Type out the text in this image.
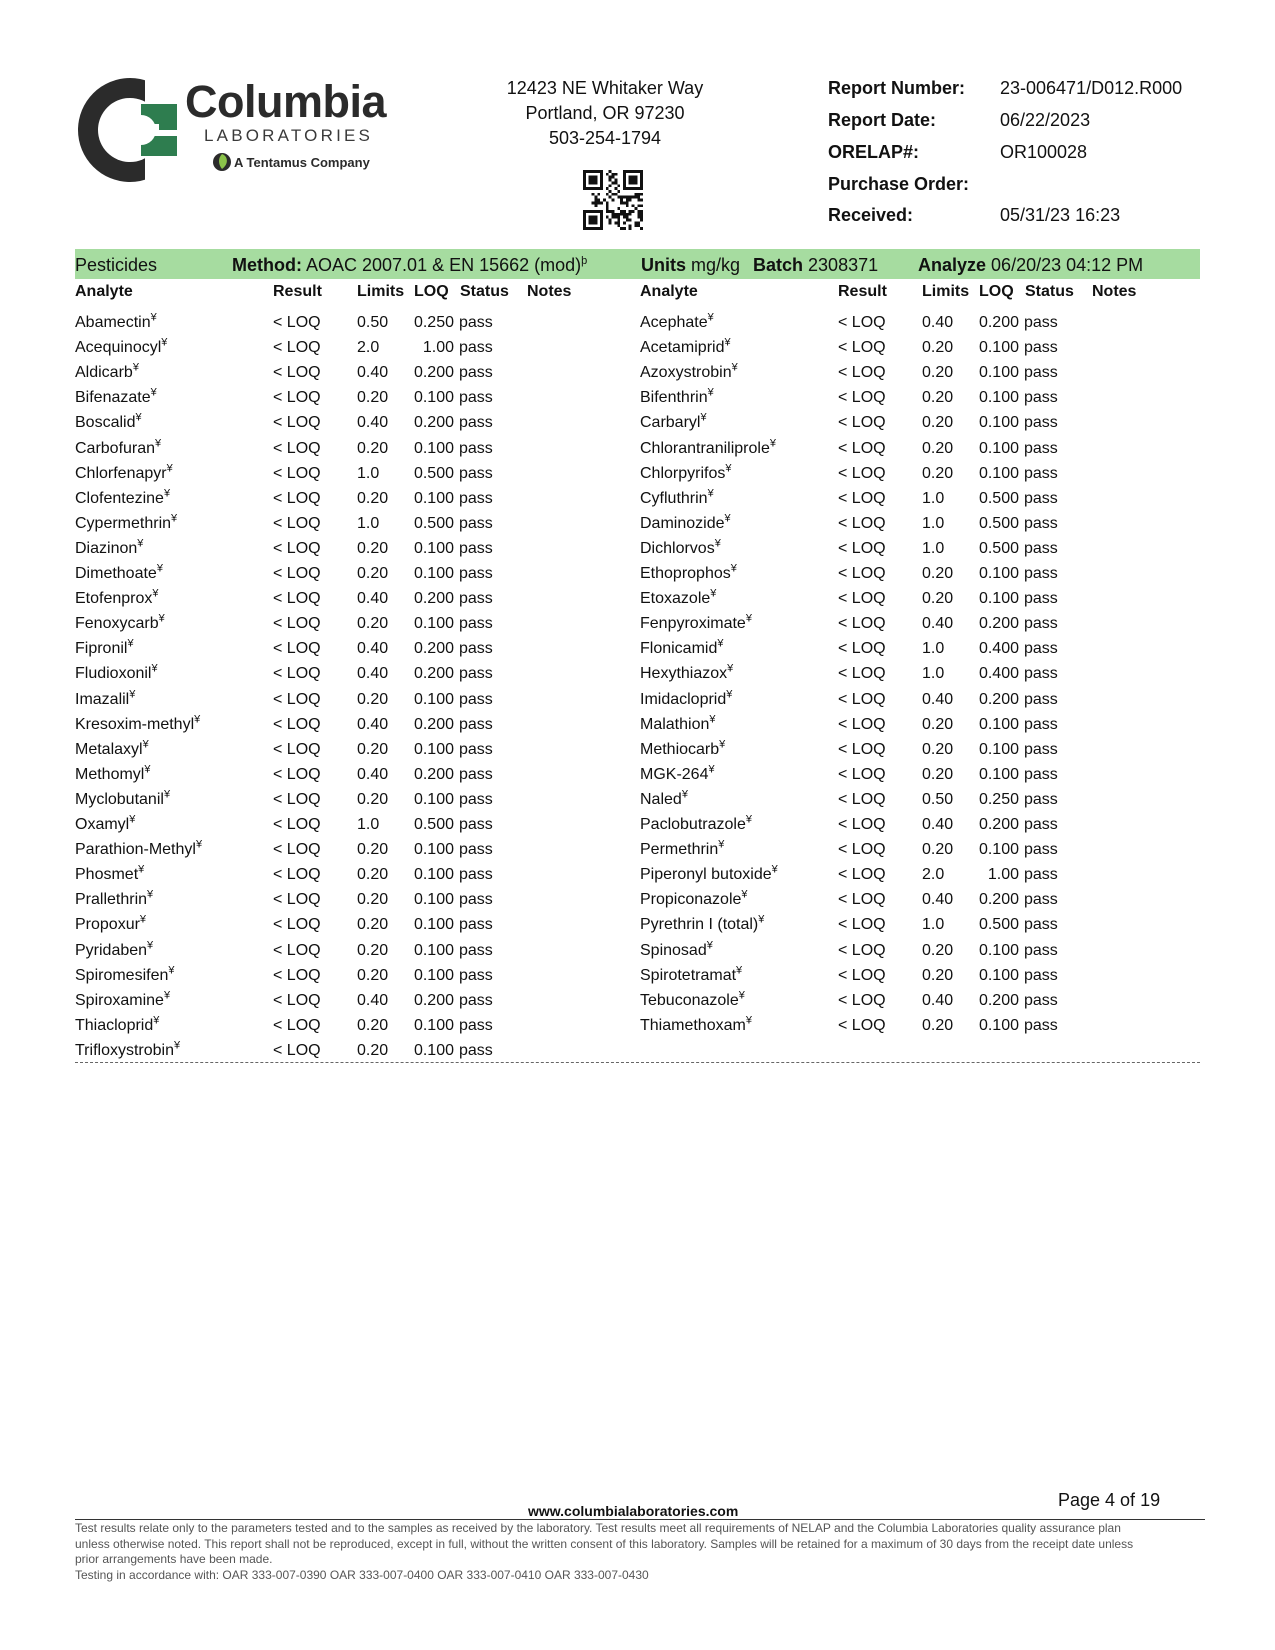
Columbia
LABORATORIES
A Tentamus Company
12423 NE Whitaker Way
Portland, OR 97230
503-254-1794
Report Number: 23-006471/D012.R000
Report Date:	06/22/2023
ORELAP#:	OR100028
Purchase Order:
Received:	05/31/23 16:23
Pesticides	Method: AOAC 2007.01 & EN 15662 (mod)$^þ$	Units mg/kg Batch 2308371 Analyze 06/20/23 04:12 PM
Analyte	Result Limits LOQ Status Notes	Analyte	Result Limits LOQ Status Notes
Abamectin¥	< LOQ 0.50	0.250 pass
Acequinocyl¥	< LOQ 2.0	1.00 pass
Aldicarb¥	< LOQ 0.40	0.200 pass
Bifenazate¥	< LOQ 0.20	0.100 pass
Boscalid¥	< LOQ 0.40	0.200 pass
Carbofuran¥	< LOQ 0.20	0.100 pass
Chlorfenapyr¥	< LOQ 1.0	0.500 pass
Clofentezine¥	< LOQ 0.20	0.100 pass
Cypermethrin¥	< LOQ 1.0	0.500 pass
Diazinon¥	< LOQ 0.20	0.100 pass
Dimethoate¥	< LOQ 0.20	0.100 pass
Etofenprox¥	< LOQ 0.40	0.200 pass
Fenoxycarb¥	< LOQ 0.20	0.100 pass
Fipronil¥	< LOQ 0.40	0.200 pass
Fludioxonil¥	< LOQ 0.40	0.200 pass
Imazalil¥	< LOQ 0.20	0.100 pass
Kresoxim-methyl¥	< LOQ 0.40	0.200 pass
Metalaxyl¥	< LOQ 0.20	0.100 pass
Methomyl¥	< LOQ 0.40	0.200 pass
Myclobutanil¥	< LOQ 0.20	0.100 pass
Oxamyl¥	< LOQ 1.0	0.500 pass
Parathion-Methyl¥	< LOQ 0.20	0.100 pass
Phosmet¥	< LOQ 0.20	0.100 pass
Prallethrin¥	< LOQ 0.20	0.100 pass
Propoxur¥	< LOQ 0.20	0.100 pass
Pyridaben¥	< LOQ 0.20	0.100 pass
Spiromesifen¥	< LOQ 0.20	0.100 pass
Spiroxamine¥	< LOQ 0.40	0.200 pass
Thiacloprid¥	< LOQ 0.20	0.100 pass
Trifloxystrobin¥	< LOQ 0.20	0.100 pass
Acephate¥	< LOQ 0.40	0.200 pass
Acetamiprid¥	< LOQ 0.20	0.100 pass
Azoxystrobin¥	< LOQ 0.20	0.100 pass
Bifenthrin¥	< LOQ 0.20	0.100 pass
Carbaryl¥	< LOQ 0.20	0.100 pass
Chlorantraniliprole¥	< LOQ 0.20	0.100 pass
Chlorpyrifos¥	< LOQ 0.20	0.100 pass
Cyfluthrin¥	< LOQ 1.0	0.500 pass
Daminozide¥	< LOQ 1.0	0.500 pass
Dichlorvos¥	< LOQ 1.0	0.500 pass
Ethoprophos¥	< LOQ 0.20	0.100 pass
Etoxazole¥	< LOQ 0.20	0.100 pass
Fenpyroximate¥	< LOQ 0.40	0.200 pass
Flonicamid¥	< LOQ 1.0	0.400 pass
Hexythiazox¥	< LOQ 1.0	0.400 pass
Imidacloprid¥	< LOQ 0.40	0.200 pass
Malathion¥	< LOQ 0.20	0.100 pass
Methiocarb¥	< LOQ 0.20	0.100 pass
MGK-264¥	< LOQ 0.20	0.100 pass
Naled¥	< LOQ 0.50	0.250 pass
Paclobutrazole¥	< LOQ 0.40	0.200 pass
Permethrin¥	< LOQ 0.20	0.100 pass
Piperonyl butoxide¥	< LOQ 2.0	1.00 pass
Propiconazole¥	< LOQ 0.40	0.200 pass
Pyrethrin I (total)¥	< LOQ 1.0	0.500 pass
Spinosad¥	< LOQ 0.20	0.100 pass
Spirotetramat¥	< LOQ 0.20	0.100 pass
Tebuconazole¥	< LOQ 0.40	0.200 pass
Thiamethoxam¥	< LOQ 0.20	0.100 pass
Page 4 of 19
www.columbialaboratories.com
Test results relate only to the parameters tested and to the samples as received by the laboratory. Test results meet all requirements of NELAP and the Columbia Laboratories quality assurance plan
unless otherwise noted. This report shall not be reproduced, except in full, without the written consent of this laboratory. Samples will be retained for a maximum of 30 days from the receipt date unless
prior arrangements have been made.
Testing in accordance with: OAR 333-007-0390 OAR 333-007-0400 OAR 333-007-0410 OAR 333-007-0430
